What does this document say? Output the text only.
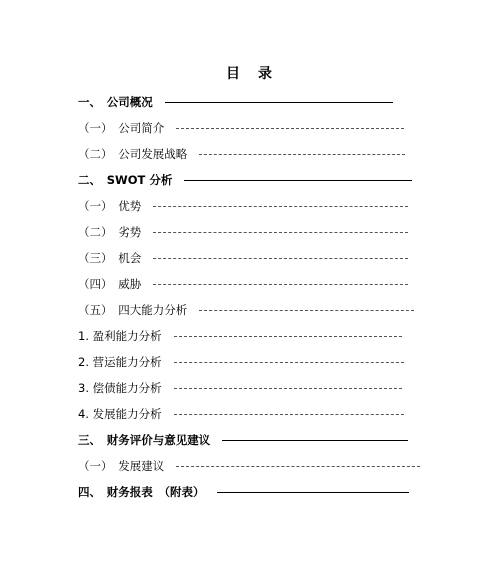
目　录
一、　公司概况
（一）　公司简介
（二）　公司发展战略
二、　SWOT 分析
（一）　优势
（二）　劣势
（三）　机会
（四）　威胁
（五）　四大能力分析
1. 盈利能力分析
2. 营运能力分析
3. 偿债能力分析
4. 发展能力分析
三、　财务评价与意见建议
（一）　发展建议
四、　财务报表　（附表）
